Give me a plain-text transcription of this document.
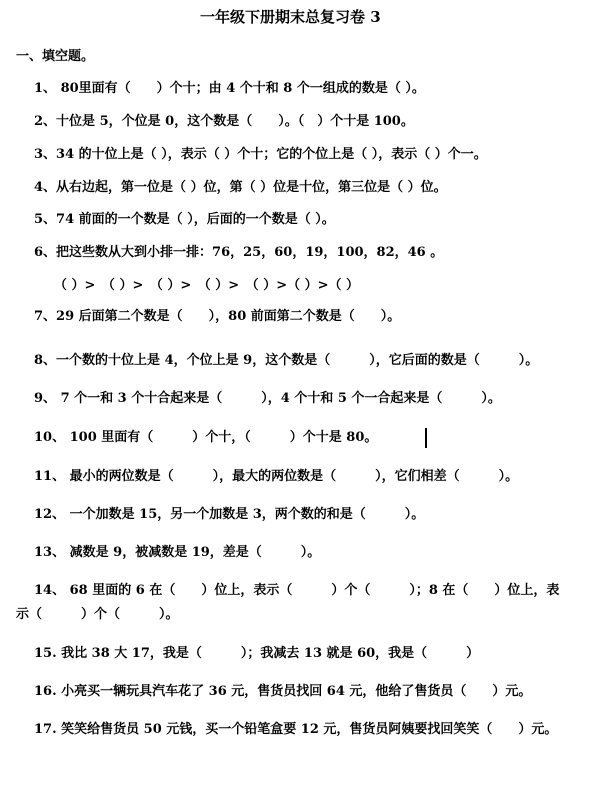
一年级下册期末总复习卷 3
一、填空题。
1、 80里面有（　　）个十；由 4 个十和 8 个一组成的数是（ ）。
2、十位是 5，个位是 0，这个数是（　　）。（　）个十是 100。
3、34 的十位上是（ ），表示（ ）个十；它的个位上是（ ），表示（ ）个一。
4、从右边起，第一位是（ ）位，第（ ）位是十位，第三位是（ ）位。
5、74 前面的一个数是（ ），后面的一个数是（ ）。
6、把这些数从大到小排一排：76，25，60，19，100，82，46 。
（ ）>　（ ）>　（ ）>　（ ）>　（ ）>（ ）>（ ）
7、29 后面第二个数是（　　），80 前面第二个数是（　　）。
8、一个数的十位上是 4，个位上是 9，这个数是（　　　），它后面的数是（　　　）。
9、 7 个一和 3 个十合起来是（　　　），4 个十和 5 个一合起来是（　　　）。
10、 100 里面有（　　　）个十，（　　　）个十是 80。
11、 最小的两位数是（　　　），最大的两位数是（　　　），它们相差（　　　）。
12、 一个加数是 15，另一个加数是 3，两个数的和是（　　　）。
13、 减数是 9，被减数是 19，差是（　　　）。
14、 68 里面的 6 在（　　）位上，表示（　　　）个（　　　）；8 在（　　）位上，表
示（　　　）个（　　　）。
15. 我比 38 大 17，我是（　　　）；我减去 13 就是 60，我是（　　　）
16. 小亮买一辆玩具汽车花了 36 元，售货员找回 64 元，他给了售货员（　　）元。
17. 笑笑给售货员 50 元钱，买一个铅笔盒要 12 元，售货员阿姨要找回笑笑（　　）元。
